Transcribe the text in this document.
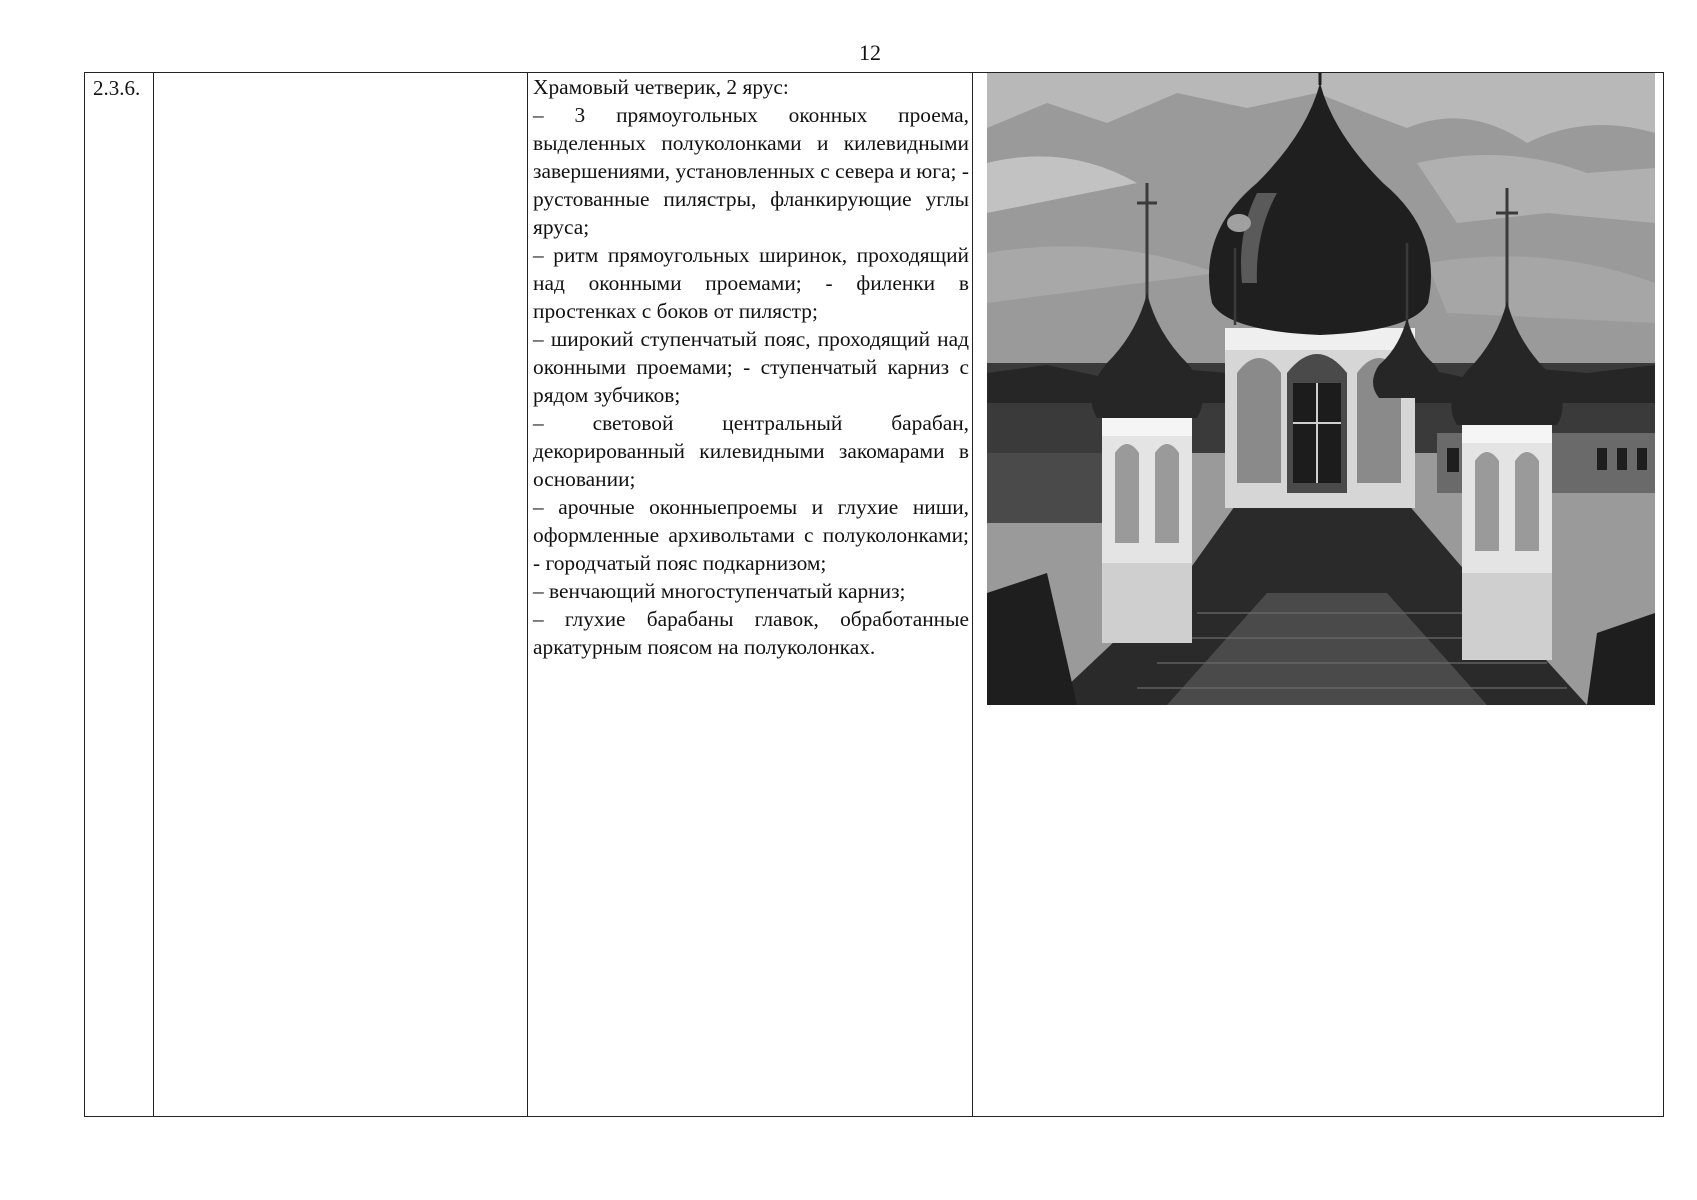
12
2.3.6.	Храмовый четверик, 2 ярус:

– 3 прямоугольных оконных проема, выделенных полуколонками и килевидными завершениями, установленных с севера и юга; - рустованные пилястры, фланкирующие углы яруса;

– ритм прямоугольных ширинок, проходящий над оконными проемами; - филенки в простенках с боков от пилястр;

– широкий ступенчатый пояс, проходящий над оконными проемами; - ступенчатый карниз с рядом зубчиков;

– световой центральный барабан, декорированный килевидными закомарами в основании;

– арочные оконныепроемы и глухие ниши, оформленные архивольтами с полуколонками; - городчатый пояс подкарнизом;

– венчающий многоступенчатый карниз;

– глухие барабаны главок, обработанные аркатурным поясом на полуколонках.
